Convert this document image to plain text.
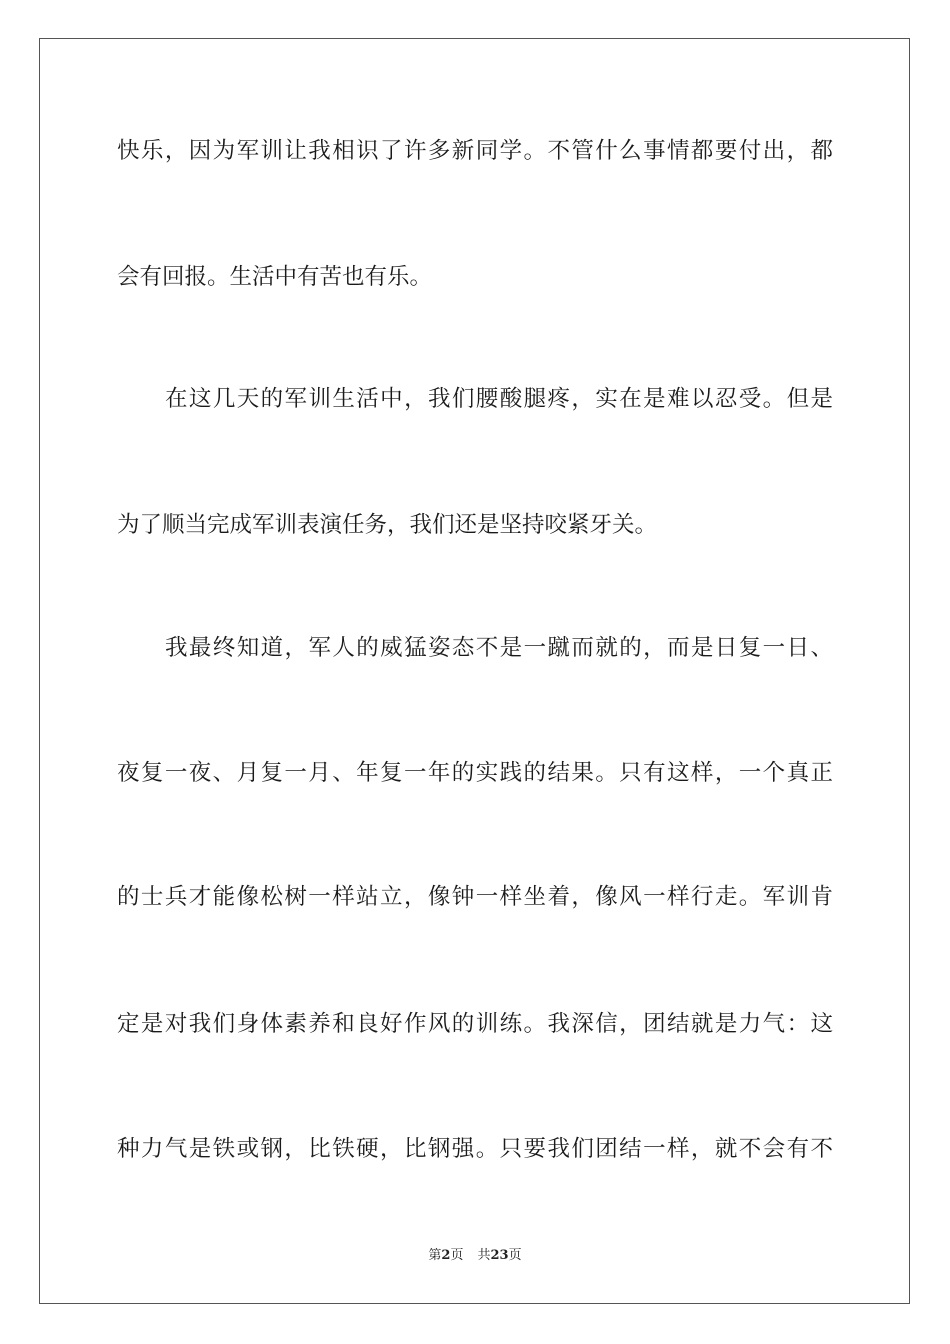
快乐，因为军训让我相识了许多新同学。不管什么事情都要付出，都
会有回报。生活中有苦也有乐。
在这几天的军训生活中，我们腰酸腿疼，实在是难以忍受。但是
为了顺当完成军训表演任务，我们还是坚持咬紧牙关。
我最终知道，军人的威猛姿态不是一蹴而就的，而是日复一日、
夜复一夜、月复一月、年复一年的实践的结果。只有这样，一个真正
的士兵才能像松树一样站立，像钟一样坐着，像风一样行走。军训肯
定是对我们身体素养和良好作风的训练。我深信，团结就是力气：这
种力气是铁或钢，比铁硬，比钢强。只要我们团结一样，就不会有不
第2页 共23页
